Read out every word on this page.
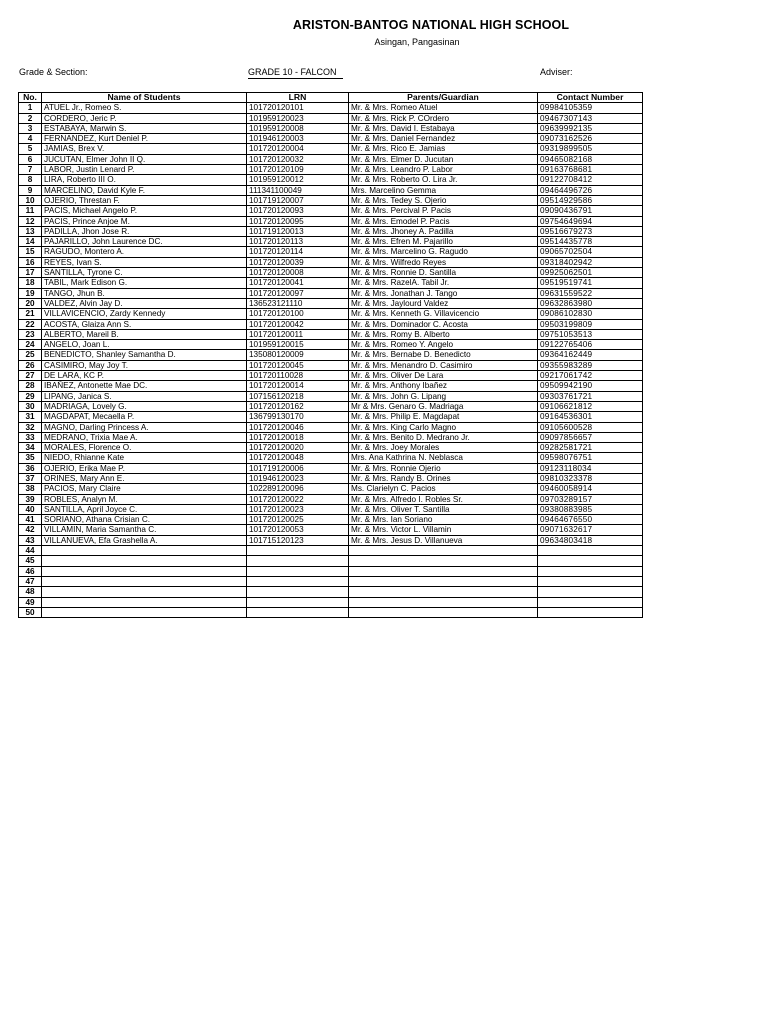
ARISTON-BANTOG NATIONAL HIGH SCHOOL
Asingan, Pangasinan
Grade & Section:	GRADE 10 - FALCON	Adviser:
No.	Name of Students	LRN	Parents/Guardian	Contact Number
1	ATUEL Jr., Romeo S.	101720120101	Mr. & Mrs. Romeo Atuel	09984105359
2	CORDERO, Jeric P.	101959120023	Mr. & Mrs. Rick P. COrdero	09467307143
3	ESTABAYA, Marwin S.	101959120008	Mr. & Mrs. David I. Estabaya	09639992135
4	FERNANDEZ, Kurt Deniel P.	101946120003	Mr. & Mrs. Daniel Fernandez	09073162526
5	JAMIAS, Brex V.	101720120004	Mr. & Mrs. Rico E. Jamias	09319899505
6	JUCUTAN, Elmer John II Q.	101720120032	Mr. & Mrs. Elmer D. Jucutan	09465082168
7	LABOR, Justin Lenard P.	101720120109	Mr. & Mrs. Leandro P. Labor	09163768681
8	LIRA, Roberto III O.	101959120012	Mr. & Mrs. Roberto O. Lira Jr.	09122708412
9	MARCELINO, David Kyle F.	111341100049	Mrs. Marcelino Gemma	09464496726
10	OJERIO, Threstan F.	101719120007	Mr. & Mrs. Tedey S. Ojerio	09514929586
11	PACIS, Michael Angelo P.	101720120093	Mr. & Mrs. Percival P. Pacis	09090436791
12	PACIS, Prince Anjoe M.	101720120095	Mr. & Mrs. Emodel P. Pacis	09754649694
13	PADILLA, Jhon Jose R.	101719120013	Mr. & Mrs. Jhoney A. Padilla	09516679273
14	PAJARILLO, John Laurence DC.	101720120113	Mr. & Mrs. Efren M. Pajarillo	09514435778
15	RAGUDO, Montero A.	101720120114	Mr. & Mrs. Marcelino G. Ragudo	09065702504
16	REYES, Ivan S.	101720120039	Mr. & Mrs. Wilfredo Reyes	09318402942
17	SANTILLA, Tyrone C.	101720120008	Mr. & Mrs. Ronnie D. Santilla	09925062501
18	TABIL, Mark Edison G.	101720120041	Mr. & Mrs. RazelA. Tabil Jr.	09519519741
19	TANGO, Jhun B.	101720120097	Mr. & Mrs. Jonathan J. Tango	09631559522
20	VALDEZ, Alvin Jay D.	136523121110	Mr. & Mrs. Jaylourd Valdez	09632863980
21	VILLAVICENCIO, Zardy Kennedy	101720120100	Mr. & Mrs. Kenneth G. Villavicencio	09086102830
22	ACOSTA, Glaiza Ann S.	101720120042	Mr. & Mrs. Dominador C. Acosta	09503199809
23	ALBERTO, Mareil B.	101720120011	Mr. & Mrs. Romy B. Alberto	09751053513
24	ANGELO, Joan L.	101959120015	Mr. & Mrs. Romeo Y. Angelo	09122765406
25	BENEDICTO, Shanley Samantha D.	135080120009	Mr. & Mrs. Bernabe D. Benedicto	09364162449
26	CASIMIRO, May Joy T.	101720120045	Mr. & Mrs. Menandro D. Casimiro	09355983289
27	DE LARA, KC P.	101720110028	Mr. & Mrs. Oliver De Lara	09217061742
28	IBAÑEZ, Antonette Mae DC.	101720120014	Mr. & Mrs. Anthony Ibañez	09509942190
29	LIPANG, Janica S.	107156120218	Mr. & Mrs. John G. Lipang	09303761721
30	MADRIAGA, Lovely G.	101720120162	Mr & Mrs. Genaro G. Madriaga	09106621812
31	MAGDAPAT, Mecaella P.	136799130170	Mr. & Mrs. Philip E. Magdapat	09164536301
32	MAGNO, Darling Princess A.	101720120046	Mr. & Mrs. King Carlo Magno	09105600528
33	MEDRANO, Trixia Mae A.	101720120018	Mr. & Mrs. Benito D. Medrano Jr.	09097856657
34	MORALES, Florence O.	101720120020	Mr. & Mrs. Joey Morales	09282581721
35	NIEDO, Rhianne Kate	101720120048	Mrs. Ana Kathrina N. Neblasca	09598076751
36	OJERIO, Erika Mae P.	101719120006	Mr. & Mrs. Ronnie Ojerio	09123118034
37	ORINES, Mary Ann E.	101946120023	Mr. & Mrs. Randy B. Orines	09810323378
38	PACIOS, Mary Claire	102289120096	Ms. Clarielyn C. Pacios	09460058914
39	ROBLES, Analyn M.	101720120022	Mr. & Mrs. Alfredo I. Robles Sr.	09703289157
40	SANTILLA, April Joyce C.	101720120023	Mr. & Mrs. Oliver T. Santilla	09380883985
41	SORIANO, Athana Crisian C.	101720120025	Mr. & Mrs. Ian Soriano	09464676550
42	VILLAMIN, Maria Samantha C.	101720120053	Mr. & Mrs. Victor L. Villamin	09071632617
43	VILLANUEVA, Efa Grashella A.	101715120123	Mr. & Mrs. Jesus D. Villanueva	09634803418
44				
45				
46				
47				
48				
49				
50				
